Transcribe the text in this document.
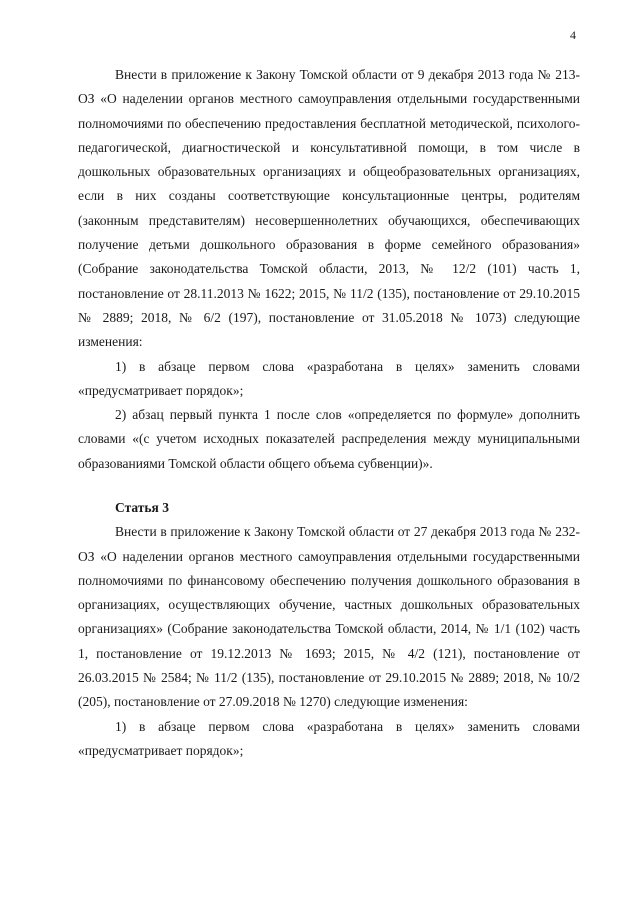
4

Внести в приложение к Закону Томской области от 9 декабря 2013 года № 213-ОЗ «О наделении органов местного самоуправления отдельными государственными полномочиями по обеспечению предоставления бесплатной методической, психолого-педагогической, диагностической и консультативной помощи, в том числе в дошкольных образовательных организациях и общеобразовательных организациях, если в них созданы соответствующие консультационные центры, родителям (законным представителям) несовершеннолетних обучающихся, обеспечивающих получение детьми дошкольного образования в форме семейного образования» (Собрание законодательства Томской области, 2013, № 12/2 (101) часть 1, постановление от 28.11.2013 № 1622; 2015, № 11/2 (135), постановление от 29.10.2015 № 2889; 2018, № 6/2 (197), постановление от 31.05.2018 № 1073) следующие изменения:

1) в абзаце первом слова «разработана в целях» заменить словами «предусматривает порядок»;

2) абзац первый пункта 1 после слов «определяется по формуле» дополнить словами «(с учетом исходных показателей распределения между муниципальными образованиями Томской области общего объема субвенции)».

Статья 3

Внести в приложение к Закону Томской области от 27 декабря 2013 года № 232-ОЗ «О наделении органов местного самоуправления отдельными государственными полномочиями по финансовому обеспечению получения дошкольного образования в организациях, осуществляющих обучение, частных дошкольных образовательных организациях» (Собрание законодательства Томской области, 2014, № 1/1 (102) часть 1, постановление от 19.12.2013 № 1693; 2015, № 4/2 (121), постановление от 26.03.2015 № 2584; № 11/2 (135), постановление от 29.10.2015 № 2889; 2018, № 10/2 (205), постановление от 27.09.2018 № 1270) следующие изменения:

1) в абзаце первом слова «разработана в целях» заменить словами «предусматривает порядок»;
